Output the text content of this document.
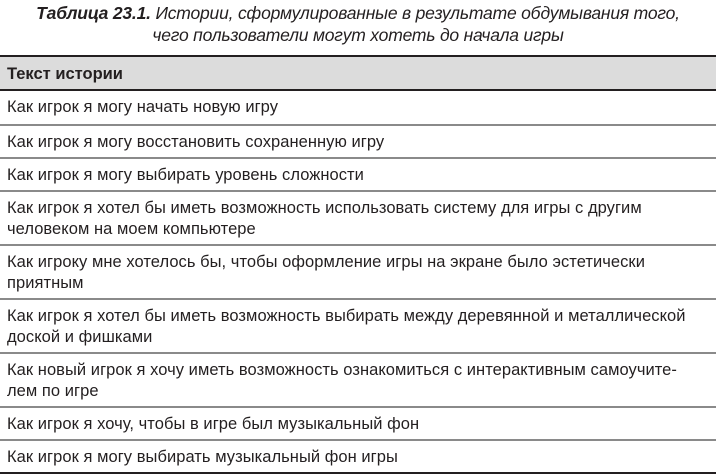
Таблица 23.1. Истории, сформулированные в результате обдумывания того,
чего пользователи могут хотеть до начала игры
Текст истории
Как игрок я могу начать новую игру
Как игрок я могу восстановить сохраненную игру
Как игрок я могу выбирать уровень сложности
Как игрок я хотел бы иметь возможность использовать систему для игры с другим
человеком на моем компьютере
Как игроку мне хотелось бы, чтобы оформление игры на экране было эстетически
приятным
Как игрок я хотел бы иметь возможность выбирать между деревянной и металлической
доской и фишками
Как новый игрок я хочу иметь возможность ознакомиться с интерактивным самоучите-
лем по игре
Как игрок я хочу, чтобы в игре был музыкальный фон
Как игрок я могу выбирать музыкальный фон игры
